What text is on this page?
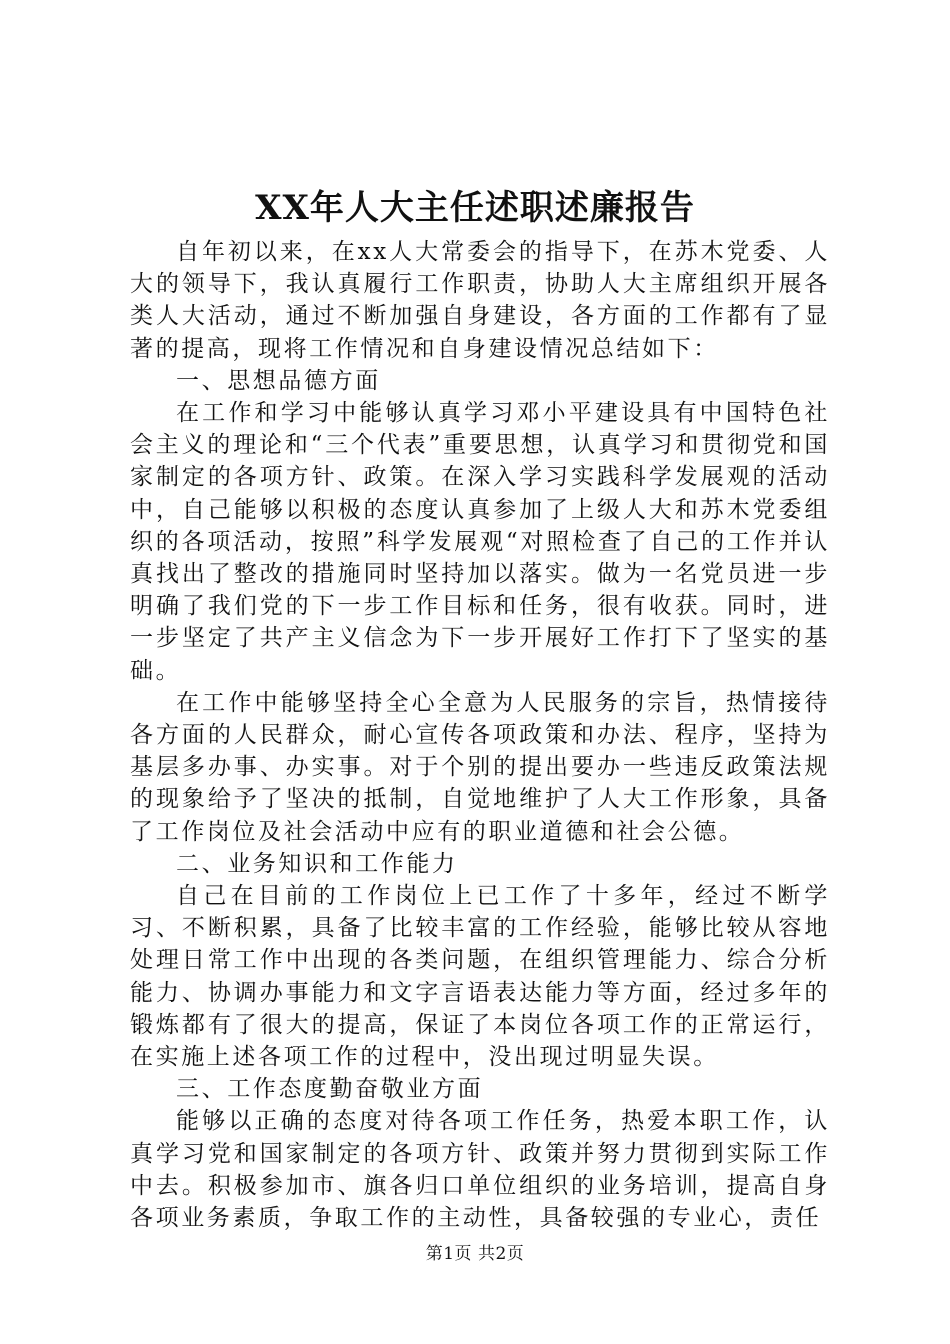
XX年人大主任述职述廉报告

自年初以来，在xx人大常委会的指导下，在苏木党委、人大的领导下，我认真履行工作职责，协助人大主席组织开展各类人大活动，通过不断加强自身建设，各方面的工作都有了显著的提高，现将工作情况和自身建设情况总结如下：

一、思想品德方面

在工作和学习中能够认真学习邓小平建设具有中国特色社会主义的理论和“三个代表”重要思想，认真学习和贯彻党和国家制定的各项方针、政策。在深入学习实践科学发展观的活动中，自己能够以积极的态度认真参加了上级人大和苏木党委组织的各项活动，按照”科学发展观“对照检查了自己的工作并认真找出了整改的措施同时坚持加以落实。做为一名党员进一步明确了我们党的下一步工作目标和任务，很有收获。同时，进一步坚定了共产主义信念为下一步开展好工作打下了坚实的基础。

在工作中能够坚持全心全意为人民服务的宗旨，热情接待各方面的人民群众，耐心宣传各项政策和办法、程序，坚持为基层多办事、办实事。对于个别的提出要办一些违反政策法规的现象给予了坚决的抵制，自觉地维护了人大工作形象，具备了工作岗位及社会活动中应有的职业道德和社会公德。

二、业务知识和工作能力

自己在目前的工作岗位上已工作了十多年，经过不断学习、不断积累，具备了比较丰富的工作经验，能够比较从容地处理日常工作中出现的各类问题，在组织管理能力、综合分析能力、协调办事能力和文字言语表达能力等方面，经过多年的锻炼都有了很大的提高，保证了本岗位各项工作的正常运行，在实施上述各项工作的过程中，没出现过明显失误。

三、工作态度勤奋敬业方面

能够以正确的态度对待各项工作任务，热爱本职工作，认真学习党和国家制定的各项方针、政策并努力贯彻到实际工作中去。积极参加市、旗各归口单位组织的业务培训，提高自身各项业务素质，争取工作的主动性，具备较强的专业心，责任

第1页 共2页
